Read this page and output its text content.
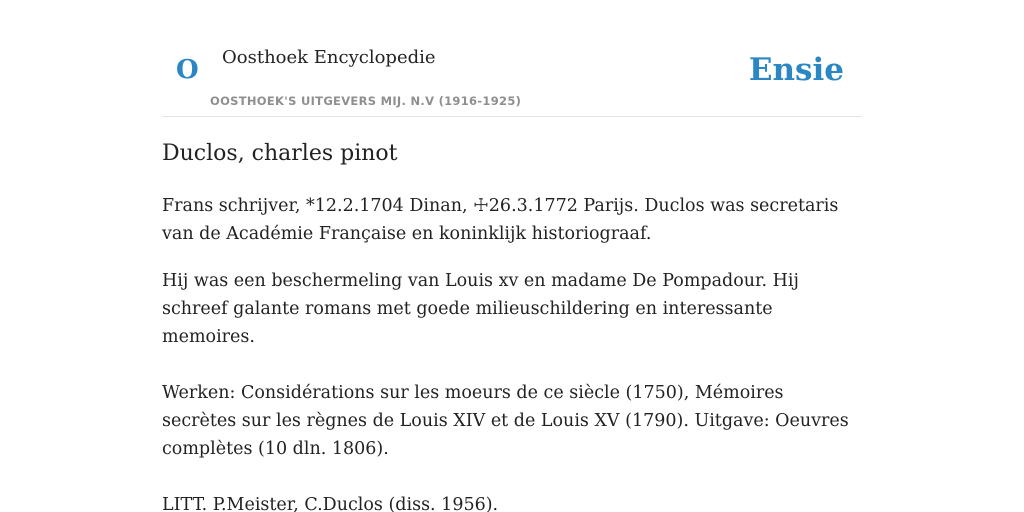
O Oosthoek Encyclopedie
OOSTHOEK'S UITGEVERS MIJ. N.V (1916-1925)
Ensie
Duclos, charles pinot

Frans schrijver, *12.2.1704 Dinan, ☩26.3.1772 Parijs. Duclos was secretaris van de Académie Française en koninklijk historiograaf.

Hij was een beschermeling van Louis xv en madame De Pompadour. Hij schreef galante romans met goede milieuschildering en interessante memoires.

Werken: Considérations sur les moeurs de ce siècle (1750), Mémoires secrètes sur les règnes de Louis XIV et de Louis XV (1790). Uitgave: Oeuvres complètes (10 dln. 1806).

LITT. P.Meister, C.Duclos (diss. 1956).
